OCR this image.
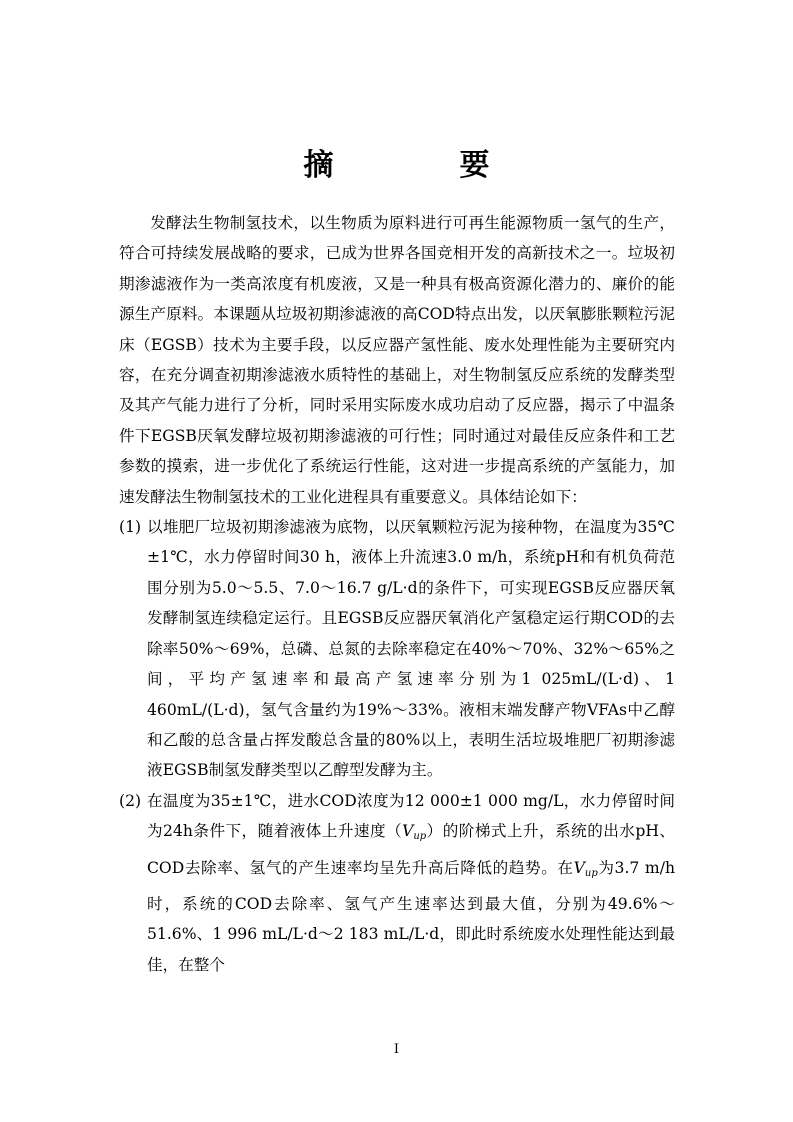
摘　要

发酵法生物制氢技术，以生物质为原料进行可再生能源物质一氢气的生产，符合可持续发展战略的要求，已成为世界各国竞相开发的高新技术之一。垃圾初期渗滤液作为一类高浓度有机废液，又是一种具有极高资源化潜力的、廉价的能源生产原料。本课题从垃圾初期渗滤液的高COD特点出发，以厌氧膨胀颗粒污泥床（EGSB）技术为主要手段，以反应器产氢性能、废水处理性能为主要研究内容，在充分调查初期渗滤液水质特性的基础上，对生物制氢反应系统的发酵类型及其产气能力进行了分析，同时采用实际废水成功启动了反应器，揭示了中温条件下EGSB厌氧发酵垃圾初期渗滤液的可行性；同时通过对最佳反应条件和工艺参数的摸索，进一步优化了系统运行性能，这对进一步提高系统的产氢能力，加速发酵法生物制氢技术的工业化进程具有重要意义。具体结论如下：

(1) 以堆肥厂垃圾初期渗滤液为底物，以厌氧颗粒污泥为接种物，在温度为35℃±1℃，水力停留时间30 h，液体上升流速3.0 m/h，系统pH和有机负荷范围分别为5.0～5.5、7.0～16.7 g/L·d的条件下，可实现EGSB反应器厌氧发酵制氢连续稳定运行。且EGSB反应器厌氧消化产氢稳定运行期COD的去除率50%～69%，总磷、总氮的去除率稳定在40%～70%、32%～65%之间，平均产氢速率和最高产氢速率分别为1 025mL/(L·d)、1 460mL/(L·d)，氢气含量约为19%～33%。液相末端发酵产物VFAs中乙醇和乙酸的总含量占挥发酸总含量的80%以上，表明生活垃圾堆肥厂初期渗滤液EGSB制氢发酵类型以乙醇型发酵为主。
(2) 在温度为35±1℃，进水COD浓度为12 000±1 000 mg/L，水力停留时间为24h条件下，随着液体上升速度$(V_{up})$的阶梯式上升，系统的出水pH、COD去除率、氢气的产生速率均呈先升高后降低的趋势。在$V_{up}$为3.7 m/h时，系统的COD去除率、氢气产生速率达到最大值，分别为49.6%～51.6%、1 996 mL/L·d～2 183 mL/L·d，即此时系统废水处理性能达到最佳，在整个
I
